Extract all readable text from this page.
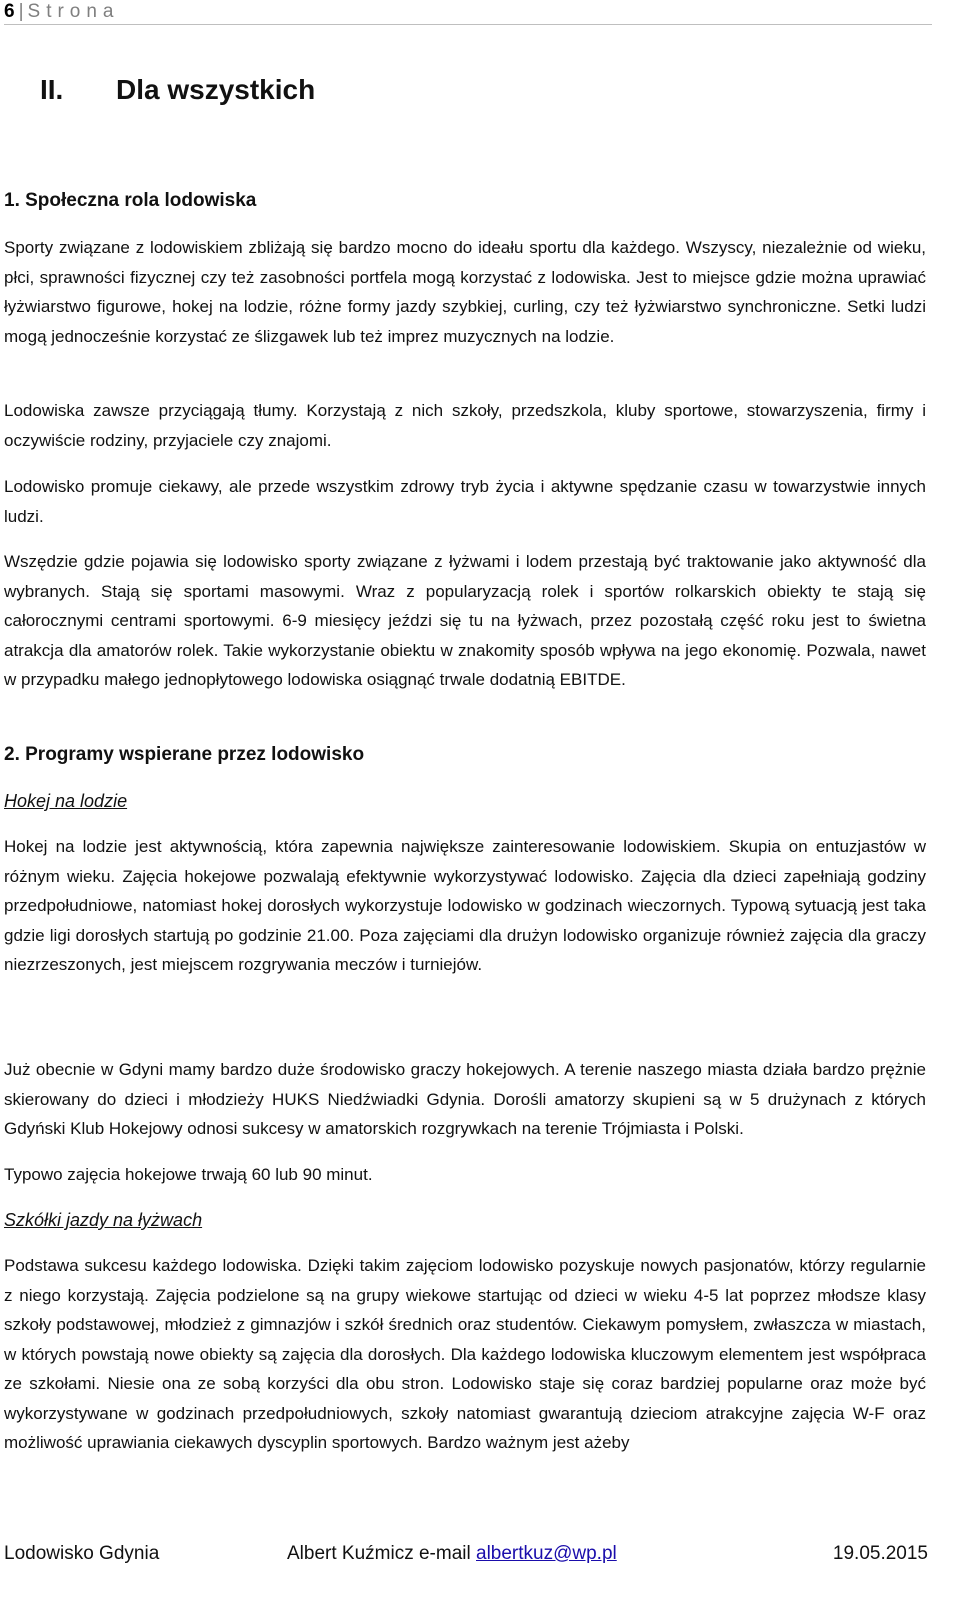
6 | Strona
II. Dla wszystkich
1. Społeczna rola lodowiska
Sporty związane z lodowiskiem zbliżają się bardzo mocno do ideału sportu dla każdego. Wszyscy, niezależnie od wieku, płci, sprawności fizycznej czy też zasobności portfela mogą korzystać z lodowiska. Jest to miejsce gdzie można uprawiać łyżwiarstwo figurowe, hokej na lodzie, różne formy jazdy szybkiej, curling, czy też łyżwiarstwo synchroniczne. Setki ludzi mogą jednocześnie korzystać ze ślizgawek lub też imprez muzycznych na lodzie.
Lodowiska zawsze przyciągają tłumy. Korzystają z nich szkoły, przedszkola, kluby sportowe, stowarzyszenia, firmy i oczywiście rodziny, przyjaciele czy znajomi.
Lodowisko promuje ciekawy, ale przede wszystkim zdrowy tryb życia i aktywne spędzanie czasu w towarzystwie innych ludzi.
Wszędzie gdzie pojawia się lodowisko sporty związane z łyżwami i lodem przestają być traktowanie jako aktywność dla wybranych. Stają się sportami masowymi. Wraz z popularyzacją rolek i sportów rolkarskich obiekty te stają się całorocznymi centrami sportowymi. 6-9 miesięcy jeździ się tu na łyżwach, przez pozostałą część roku jest to świetna atrakcja dla amatorów rolek. Takie wykorzystanie obiektu w znakomity sposób wpływa na jego ekonomię. Pozwala, nawet w przypadku małego jednopłytowego lodowiska osiągnąć trwale dodatnią EBITDE.
2. Programy wspierane przez lodowisko
Hokej na lodzie
Hokej na lodzie jest aktywnością, która zapewnia największe zainteresowanie lodowiskiem. Skupia on entuzjastów w różnym wieku. Zajęcia hokejowe pozwalają efektywnie wykorzystywać lodowisko. Zajęcia dla dzieci zapełniają godziny przedpołudniowe, natomiast hokej dorosłych wykorzystuje lodowisko w godzinach wieczornych. Typową sytuacją jest taka gdzie ligi dorosłych startują po godzinie 21.00. Poza zajęciami dla drużyn lodowisko organizuje również zajęcia dla graczy niezrzeszonych, jest miejscem rozgrywania meczów i turniejów.
Już obecnie w Gdyni mamy bardzo duże środowisko graczy hokejowych. A terenie naszego miasta działa bardzo prężnie skierowany do dzieci i młodzieży HUKS Niedźwiadki Gdynia. Dorośli amatorzy skupieni są w 5 drużynach z których Gdyński Klub Hokejowy odnosi sukcesy w amatorskich rozgrywkach na terenie Trójmiasta i Polski.
Typowo zajęcia hokejowe trwają 60 lub 90 minut.
Szkółki jazdy na łyżwach
Podstawa sukcesu każdego lodowiska. Dzięki takim zajęciom lodowisko pozyskuje nowych pasjonatów, którzy regularnie z niego korzystają. Zajęcia podzielone są na grupy wiekowe startując od dzieci w wieku 4-5 lat poprzez młodsze klasy szkoły podstawowej, młodzież z gimnazjów i szkół średnich oraz studentów. Ciekawym pomysłem, zwłaszcza w miastach, w których powstają nowe obiekty są zajęcia dla dorosłych. Dla każdego lodowiska kluczowym elementem jest współpraca ze szkołami. Niesie ona ze sobą korzyści dla obu stron. Lodowisko staje się coraz bardziej popularne oraz może być wykorzystywane w godzinach przedpołudniowych, szkoły natomiast gwarantują dzieciom atrakcyjne zajęcia W-F oraz możliwość uprawiania ciekawych dyscyplin sportowych. Bardzo ważnym jest ażeby
Lodowisko Gdynia	Albert Kuźmicz e-mail albertkuz@wp.pl	19.05.2015
